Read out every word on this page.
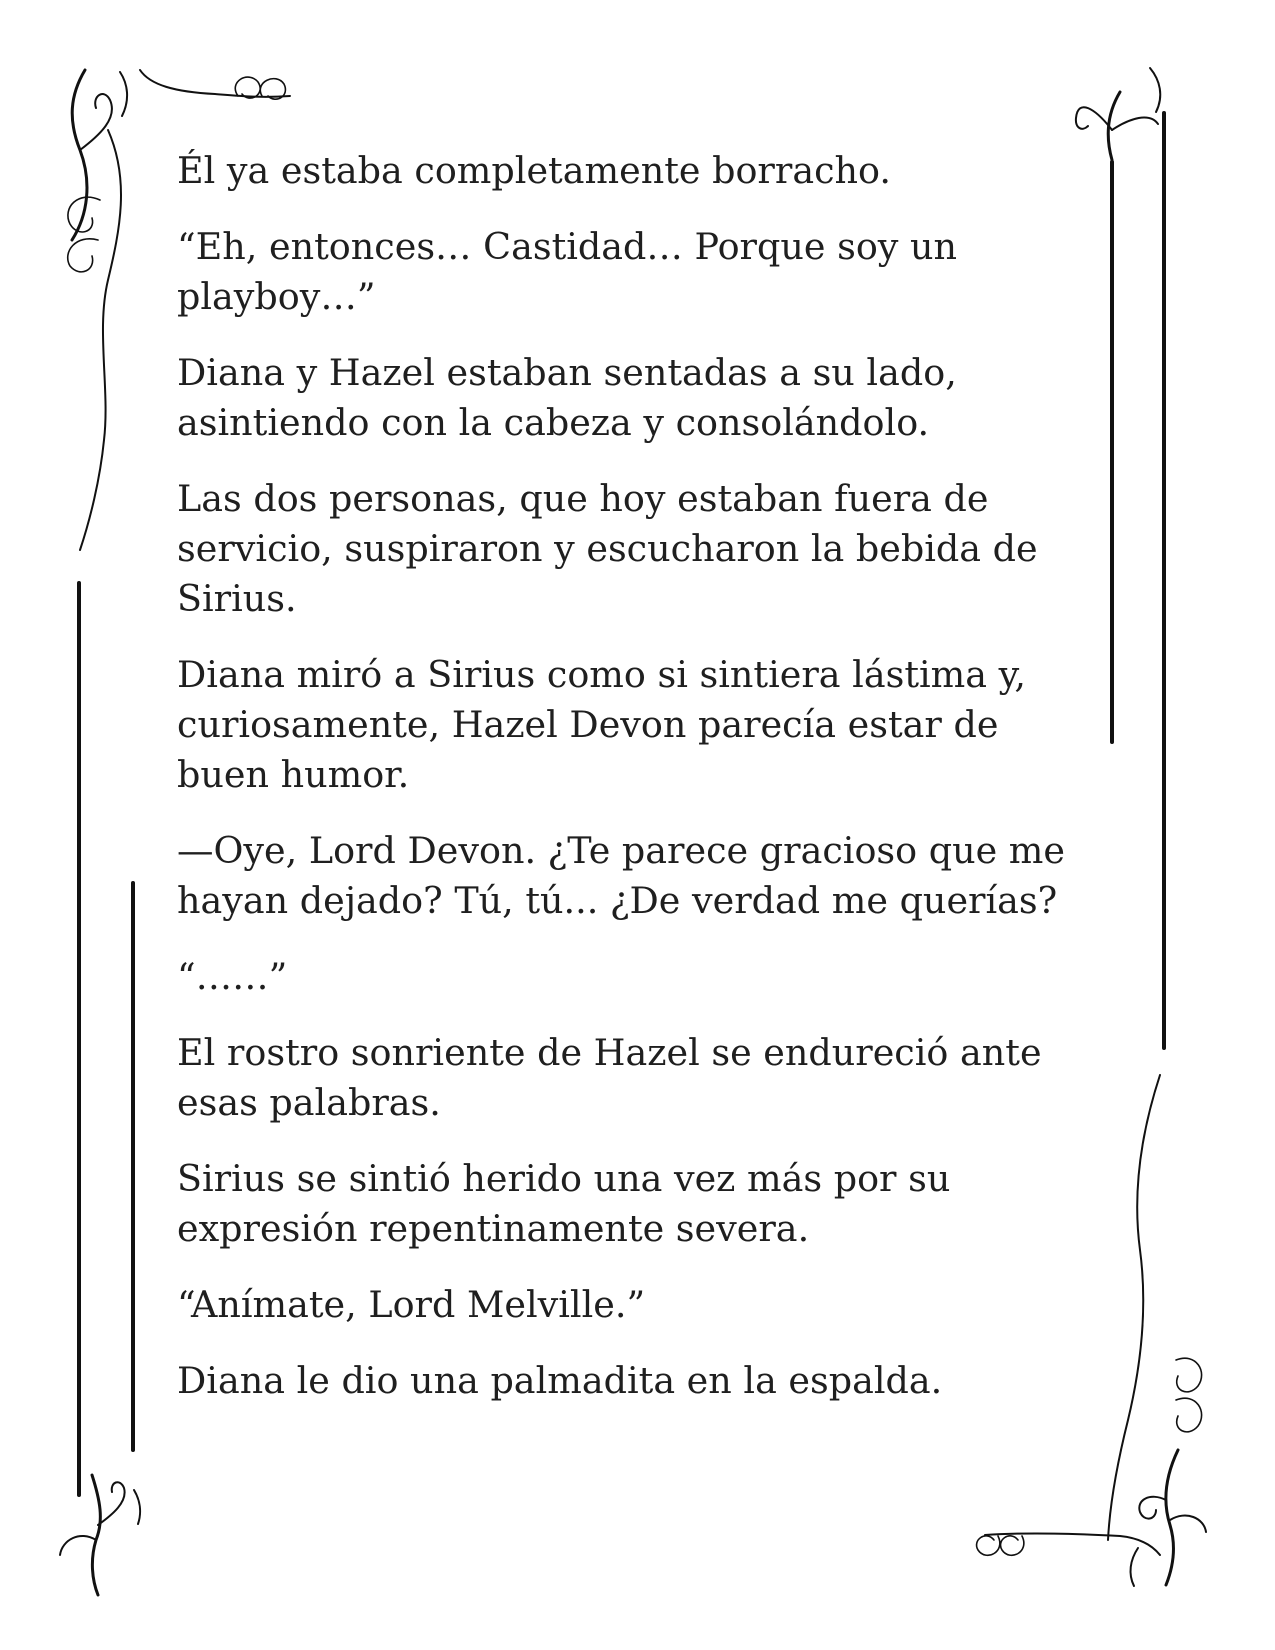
Él ya estaba completamente borracho.

“Eh, entonces… Castidad… Porque soy un
playboy…”

Diana y Hazel estaban sentadas a su lado,
asintiendo con la cabeza y consolándolo.

Las dos personas, que hoy estaban fuera de
servicio, suspiraron y escucharon la bebida de
Sirius.

Diana miró a Sirius como si sintiera lástima y,
curiosamente, Hazel Devon parecía estar de
buen humor.

—Oye, Lord Devon. ¿Te parece gracioso que me
hayan dejado? Tú, tú... ¿De verdad me querías?

“……”

El rostro sonriente de Hazel se endureció ante
esas palabras.

Sirius se sintió herido una vez más por su
expresión repentinamente severa.

“Anímate, Lord Melville.”

Diana le dio una palmadita en la espalda.
